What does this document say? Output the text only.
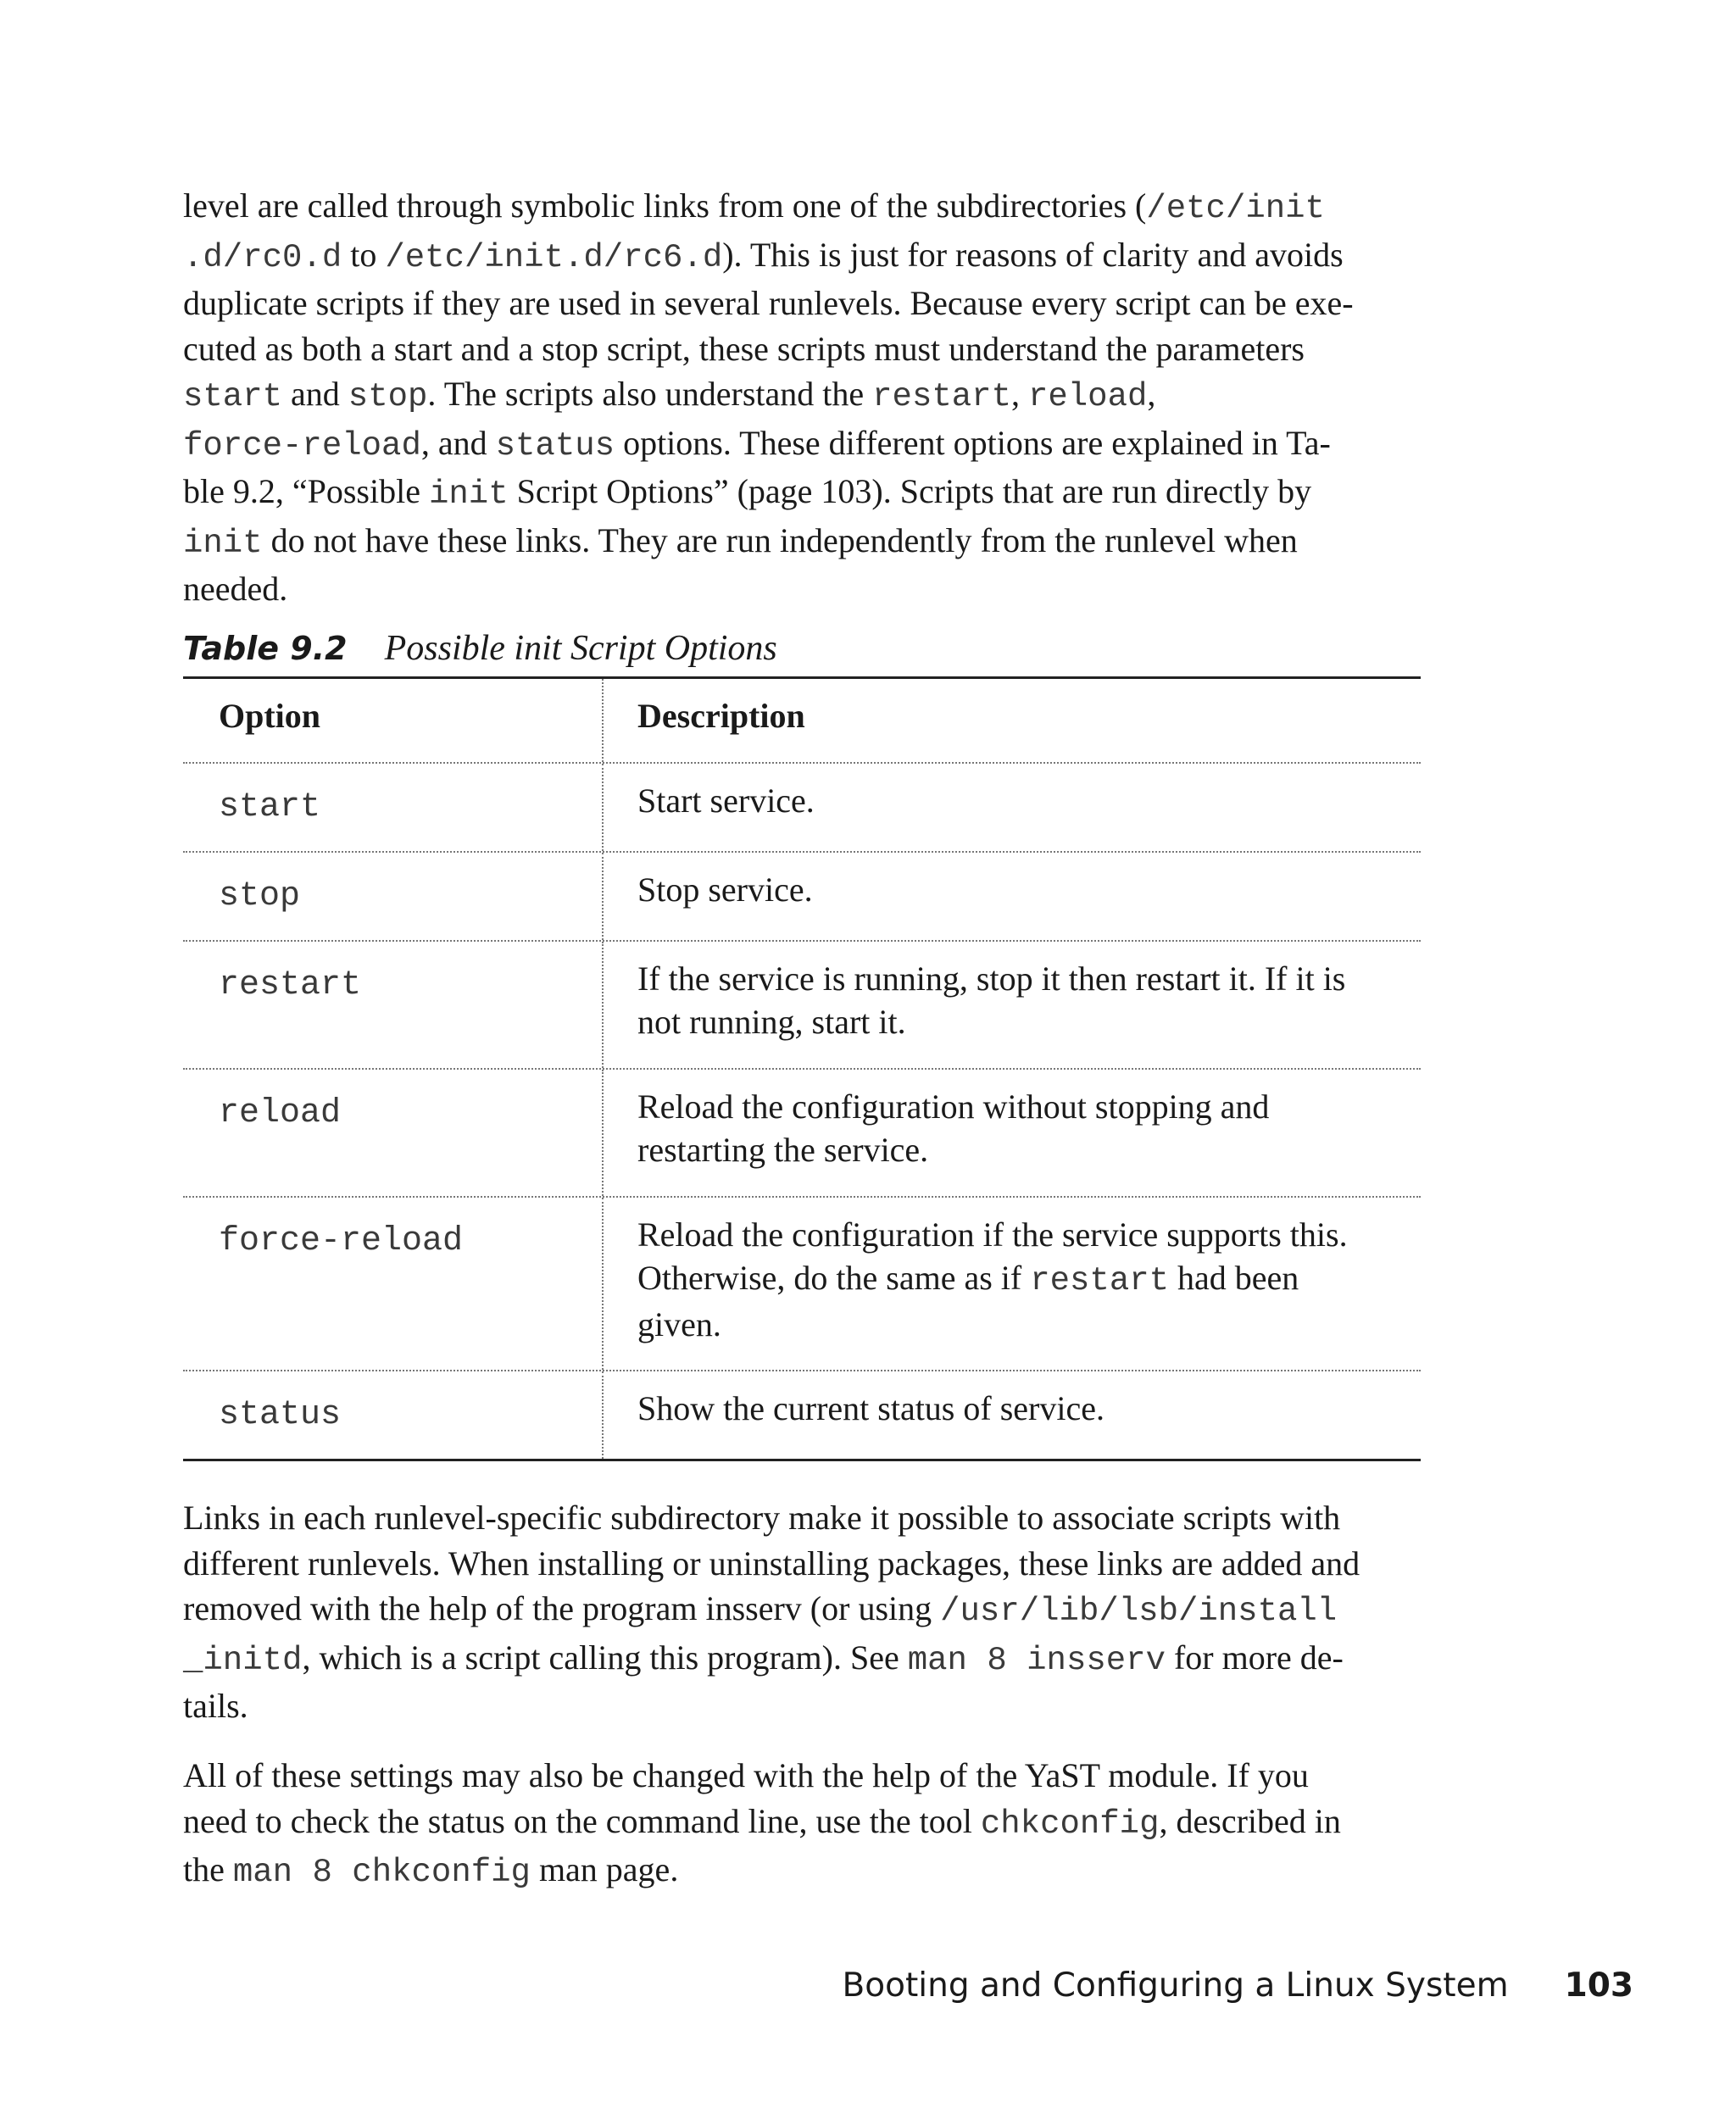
level are called through symbolic links from one of the subdirectories (/etc/init
.d/rc0.d to /etc/init.d/rc6.d). This is just for reasons of clarity and avoids
duplicate scripts if they are used in several runlevels. Because every script can be exe-
cuted as both a start and a stop script, these scripts must understand the parameters
start and stop. The scripts also understand the restart, reload,
force-reload, and status options. These different options are explained in Ta-
ble 9.2, “Possible init Script Options” (page 103). Scripts that are run directly by
init do not have these links. They are run independently from the runlevel when
needed.
Table 9.2 Possible init Script Options
Option	Description
start	Start service.
stop	Stop service.
restart	If the service is running, stop it then restart it. If it is
not running, start it.
reload	Reload the configuration without stopping and
restarting the service.
force-reload	Reload the configuration if the service supports this.
Otherwise, do the same as if restart had been
given.
status	Show the current status of service.
Links in each runlevel-specific subdirectory make it possible to associate scripts with
different runlevels. When installing or uninstalling packages, these links are added and
removed with the help of the program insserv (or using /usr/lib/lsb/install
_initd, which is a script calling this program). See man 8 insserv for more de-
tails.
All of these settings may also be changed with the help of the YaST module. If you
need to check the status on the command line, use the tool chkconfig, described in
the man 8 chkconfig man page.
Booting and Configuring a Linux System 103
